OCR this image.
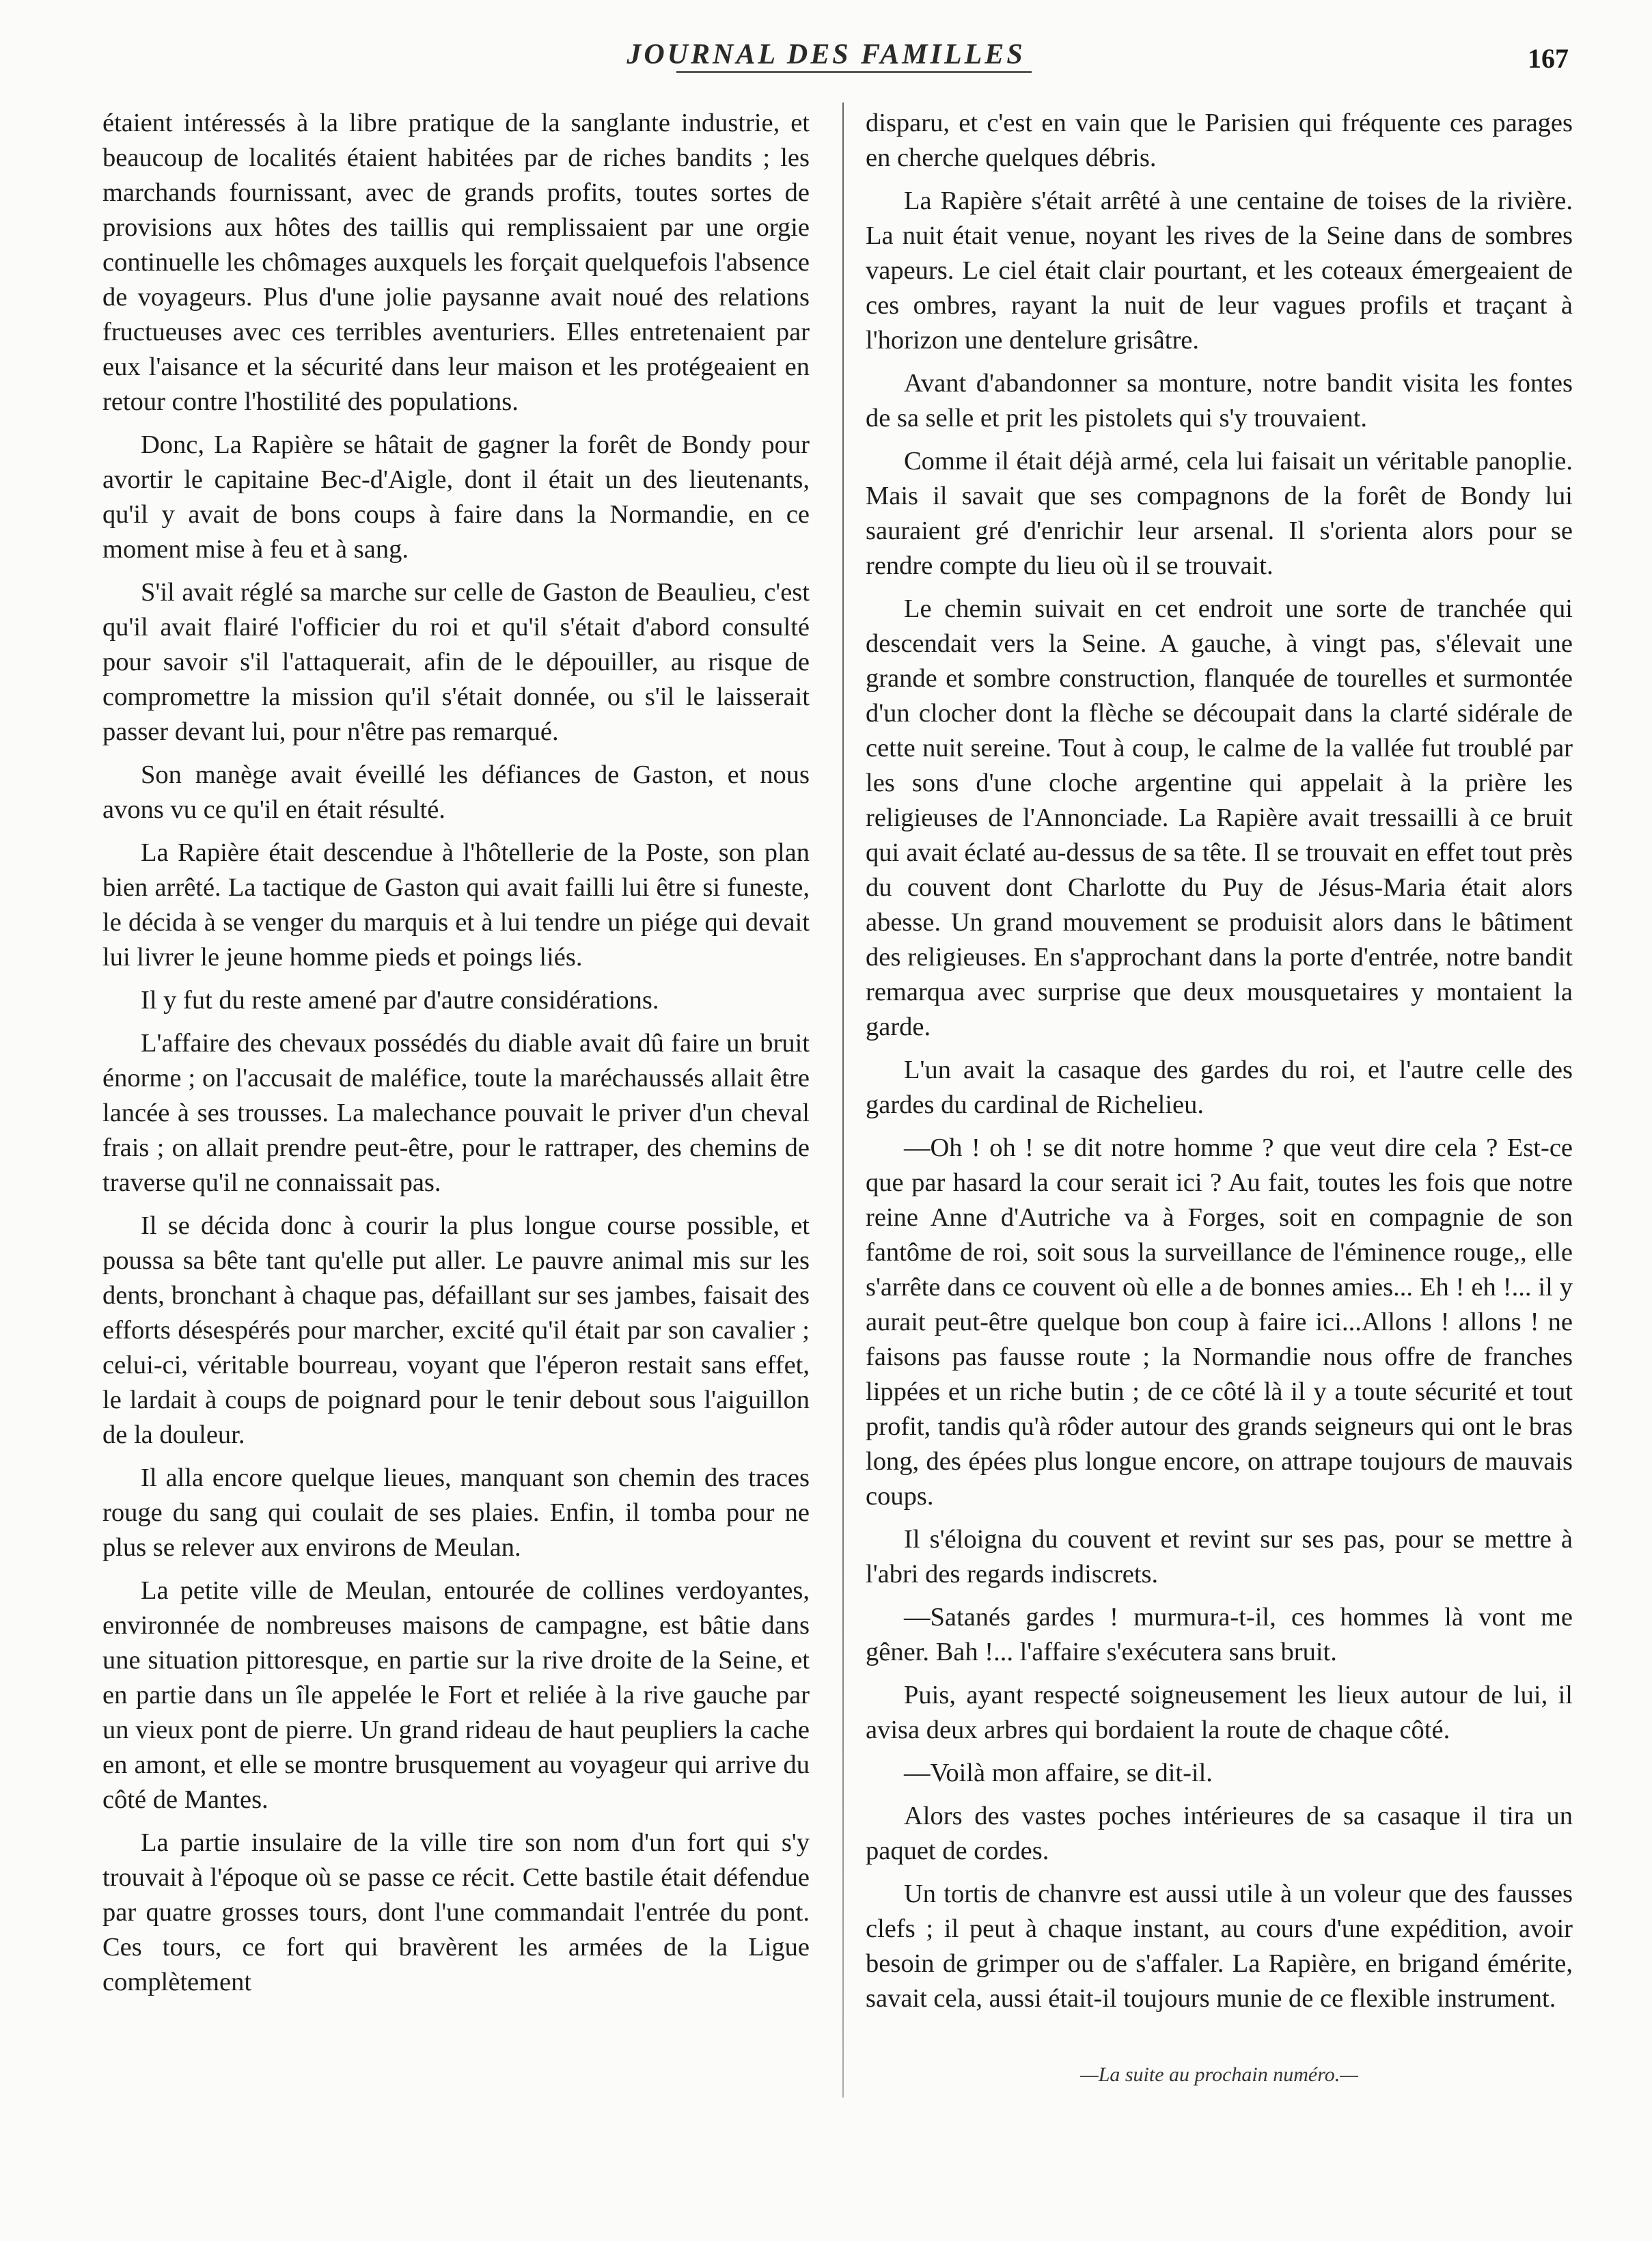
JOURNAL DES FAMILLES	167

étaient intéressés à la libre pratique de la sanglante industrie, et beaucoup de localités étaient habitées par de riches bandits ; les marchands fournissant, avec de grands profits, toutes sortes de provisions aux hôtes des taillis qui remplissaient par une orgie continuelle les chômages auxquels les forçait quelquefois l'absence de voyageurs. Plus d'une jolie paysanne avait noué des relations fructueuses avec ces terribles aventuriers. Elles entretenaient par eux l'aisance et la sécurité dans leur maison et les protégeaient en retour contre l'hostilité des populations.

Donc, La Rapière se hâtait de gagner la forêt de Bondy pour avortir le capitaine Bec-d'Aigle, dont il était un des lieutenants, qu'il y avait de bons coups à faire dans la Normandie, en ce moment mise à feu et à sang.

S'il avait réglé sa marche sur celle de Gaston de Beaulieu, c'est qu'il avait flairé l'officier du roi et qu'il s'était d'abord consulté pour savoir s'il l'attaquerait, afin de le dépouiller, au risque de compromettre la mission qu'il s'était donnée, ou s'il le laisserait passer devant lui, pour n'être pas remarqué.

Son manège avait éveillé les défiances de Gaston, et nous avons vu ce qu'il en était résulté.

La Rapière était descendue à l'hôtellerie de la Poste, son plan bien arrêté. La tactique de Gaston qui avait failli lui être si funeste, le décida à se venger du marquis et à lui tendre un piége qui devait lui livrer le jeune homme pieds et poings liés.

Il y fut du reste amené par d'autre considérations.

L'affaire des chevaux possédés du diable avait dû faire un bruit énorme ; on l'accusait de maléfice, toute la maréchaussés allait être lancée à ses trousses. La malechance pouvait le priver d'un cheval frais ; on allait prendre peut-être, pour le rattraper, des chemins de traverse qu'il ne connaissait pas.

Il se décida donc à courir la plus longue course possible, et poussa sa bête tant qu'elle put aller. Le pauvre animal mis sur les dents, bronchant à chaque pas, défaillant sur ses jambes, faisait des efforts désespérés pour marcher, excité qu'il était par son cavalier ; celui-ci, véritable bourreau, voyant que l'éperon restait sans effet, le lardait à coups de poignard pour le tenir debout sous l'aiguillon de la douleur.

Il alla encore quelque lieues, manquant son chemin des traces rouge du sang qui coulait de ses plaies. Enfin, il tomba pour ne plus se relever aux environs de Meulan.

La petite ville de Meulan, entourée de collines verdoyantes, environnée de nombreuses maisons de campagne, est bâtie dans une situation pittoresque, en partie sur la rive droite de la Seine, et en partie dans un île appelée le Fort et reliée à la rive gauche par un vieux pont de pierre. Un grand rideau de haut peupliers la cache en amont, et elle se montre brusquement au voyageur qui arrive du côté de Mantes.

La partie insulaire de la ville tire son nom d'un fort qui s'y trouvait à l'époque où se passe ce récit. Cette bastile était défendue par quatre grosses tours, dont l'une commandait l'entrée du pont. Ces tours, ce fort qui bravèrent les armées de la Ligue complètement

disparu, et c'est en vain que le Parisien qui fréquente ces parages en cherche quelques débris.

La Rapière s'était arrêté à une centaine de toises de la rivière. La nuit était venue, noyant les rives de la Seine dans de sombres vapeurs. Le ciel était clair pourtant, et les coteaux émergeaient de ces ombres, rayant la nuit de leur vagues profils et traçant à l'horizon une dentelure grisâtre.

Avant d'abandonner sa monture, notre bandit visita les fontes de sa selle et prit les pistolets qui s'y trouvaient.

Comme il était déjà armé, cela lui faisait un véritable panoplie. Mais il savait que ses compagnons de la forêt de Bondy lui sauraient gré d'enrichir leur arsenal. Il s'orienta alors pour se rendre compte du lieu où il se trouvait.

Le chemin suivait en cet endroit une sorte de tranchée qui descendait vers la Seine. A gauche, à vingt pas, s'élevait une grande et sombre construction, flanquée de tourelles et surmontée d'un clocher dont la flèche se découpait dans la clarté sidérale de cette nuit sereine. Tout à coup, le calme de la vallée fut troublé par les sons d'une cloche argentine qui appelait à la prière les religieuses de l'Annonciade. La Rapière avait tressailli à ce bruit qui avait éclaté au-dessus de sa tête. Il se trouvait en effet tout près du couvent dont Charlotte du Puy de Jésus-Maria était alors abesse. Un grand mouvement se produisit alors dans le bâtiment des religieuses. En s'approchant dans la porte d'entrée, notre bandit remarqua avec surprise que deux mousquetaires y montaient la garde.

L'un avait la casaque des gardes du roi, et l'autre celle des gardes du cardinal de Richelieu.

—Oh ! oh ! se dit notre homme ? que veut dire cela ? Est-ce que par hasard la cour serait ici ? Au fait, toutes les fois que notre reine Anne d'Autriche va à Forges, soit en compagnie de son fantôme de roi, soit sous la surveillance de l'éminence rouge,, elle s'arrête dans ce couvent où elle a de bonnes amies... Eh ! eh !... il y aurait peut-être quelque bon coup à faire ici...Allons ! allons ! ne faisons pas fausse route ; la Normandie nous offre de franches lippées et un riche butin ; de ce côté là il y a toute sécurité et tout profit, tandis qu'à rôder autour des grands seigneurs qui ont le bras long, des épées plus longue encore, on attrape toujours de mauvais coups.

Il s'éloigna du couvent et revint sur ses pas, pour se mettre à l'abri des regards indiscrets.

—Satanés gardes ! murmura-t-il, ces hommes là vont me gêner. Bah !... l'affaire s'exécutera sans bruit.

Puis, ayant respecté soigneusement les lieux autour de lui, il avisa deux arbres qui bordaient la route de chaque côté.

—Voilà mon affaire, se dit-il.

Alors des vastes poches intérieures de sa casaque il tira un paquet de cordes.

Un tortis de chanvre est aussi utile à un voleur que des fausses clefs ; il peut à chaque instant, au cours d'une expédition, avoir besoin de grimper ou de s'affaler. La Rapière, en brigand émérite, savait cela, aussi était-il toujours munie de ce flexible instrument.

—La suite au prochain numéro.—
